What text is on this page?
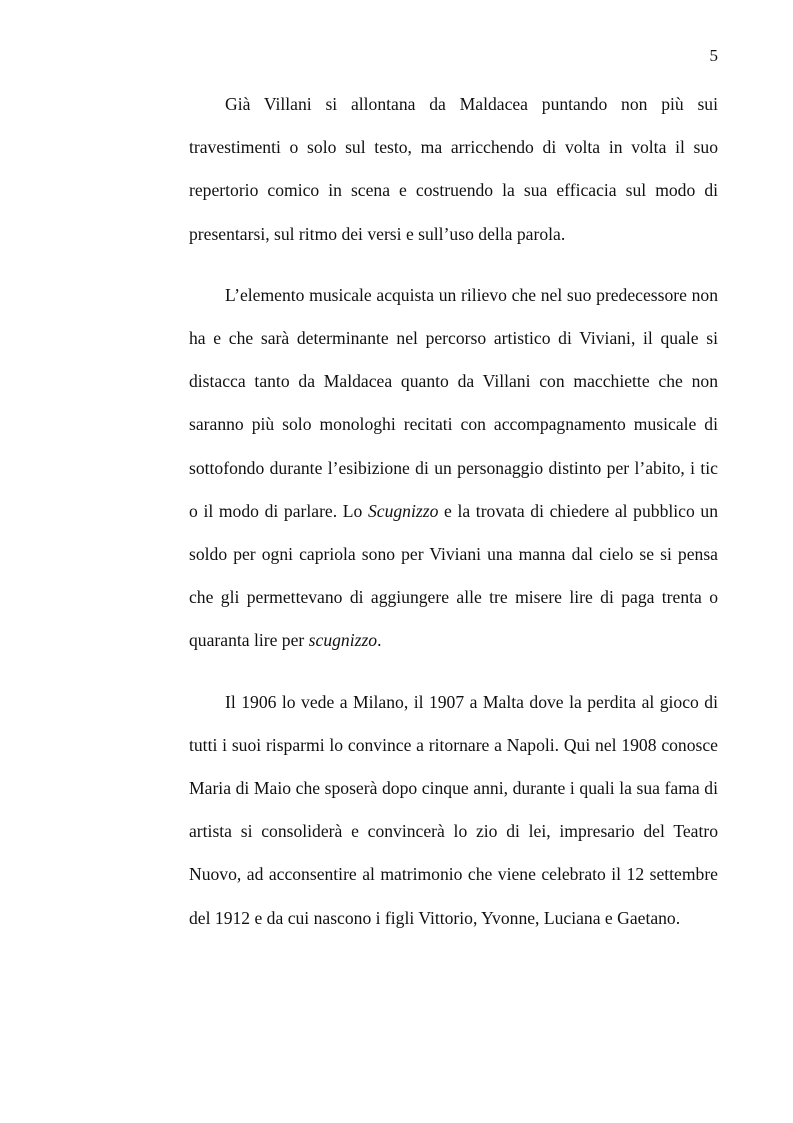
5

Già Villani si allontana da Maldacea puntando non più sui travestimenti o solo sul testo, ma arricchendo di volta in volta il suo repertorio comico in scena e costruendo la sua efficacia sul modo di presentarsi, sul ritmo dei versi e sull’uso della parola.

L’elemento musicale acquista un rilievo che nel suo predecessore non ha e che sarà determinante nel percorso artistico di Viviani, il quale si distacca tanto da Maldacea quanto da Villani con macchiette che non saranno più solo monologhi recitati con accompagnamento musicale di sottofondo durante l’esibizione di un personaggio distinto per l’abito, i tic o il modo di parlare. Lo Scugnizzo e la trovata di chiedere al pubblico un soldo per ogni capriola sono per Viviani una manna dal cielo se si pensa che gli permettevano di aggiungere alle tre misere lire di paga trenta o quaranta lire per scugnizzo.

Il 1906 lo vede a Milano, il 1907 a Malta dove la perdita al gioco di tutti i suoi risparmi lo convince a ritornare a Napoli. Qui nel 1908 conosce Maria di Maio che sposerà dopo cinque anni, durante i quali la sua fama di artista si consoliderà e convincerà lo zio di lei, impresario del Teatro Nuovo, ad acconsentire al matrimonio che viene celebrato il 12 settembre del 1912 e da cui nascono i figli Vittorio, Yvonne, Luciana e Gaetano.
